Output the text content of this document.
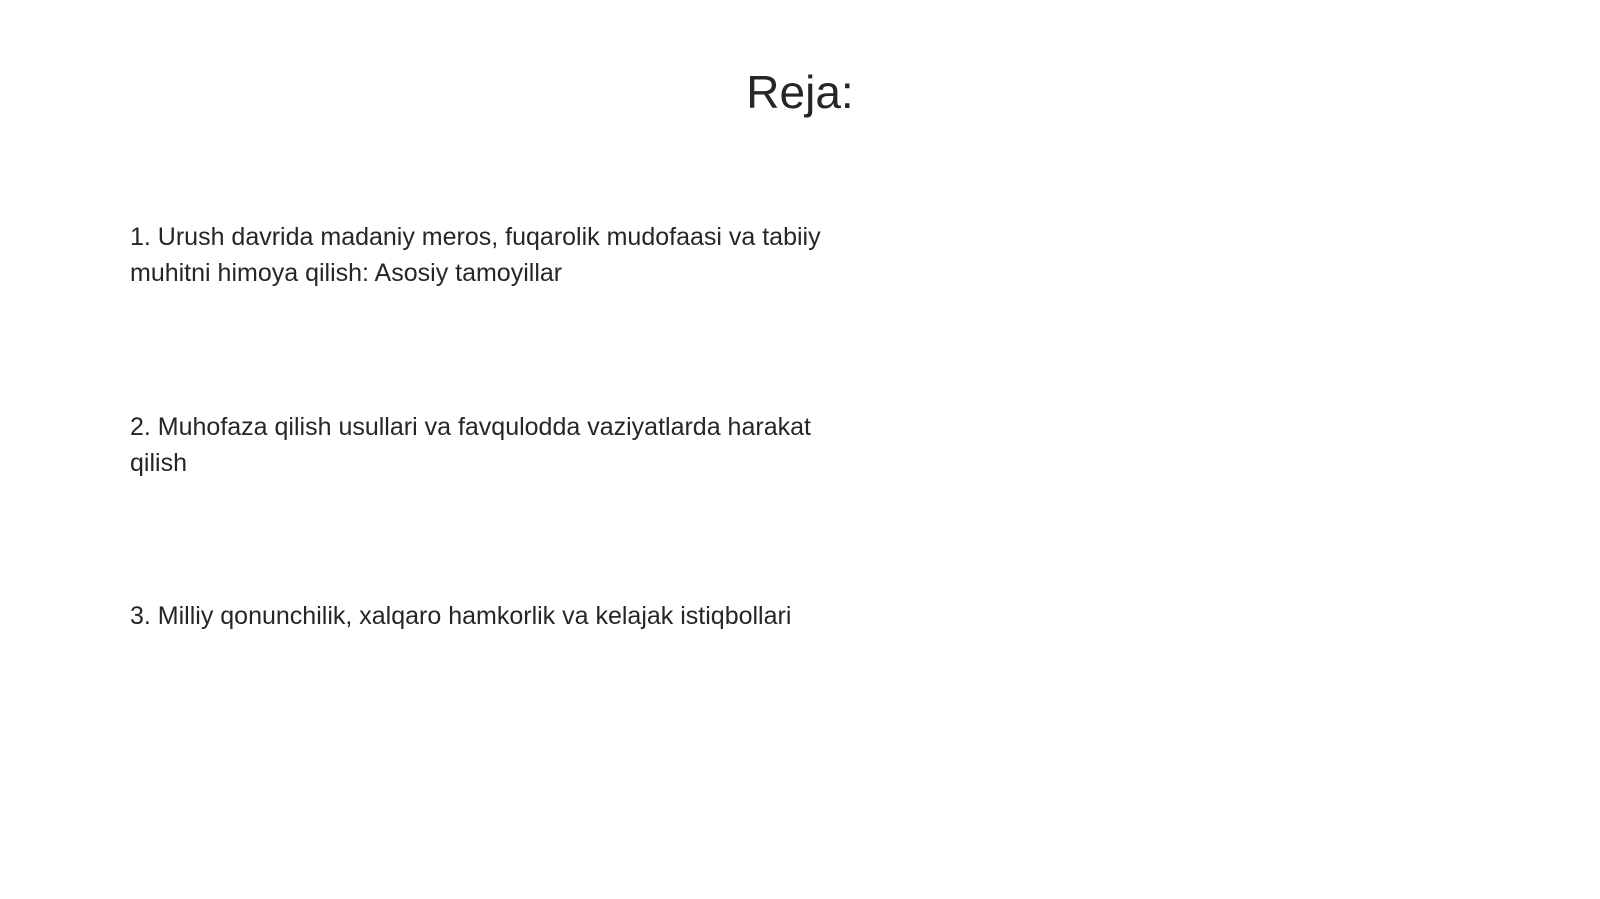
Reja:

1. Urush davrida madaniy meros, fuqarolik mudofaasi va tabiiy muhitni himoya qilish: Asosiy tamoyillar

2. Muhofaza qilish usullari va favqulodda vaziyatlarda harakat qilish

3. Milliy qonunchilik, xalqaro hamkorlik va kelajak istiqbollari
